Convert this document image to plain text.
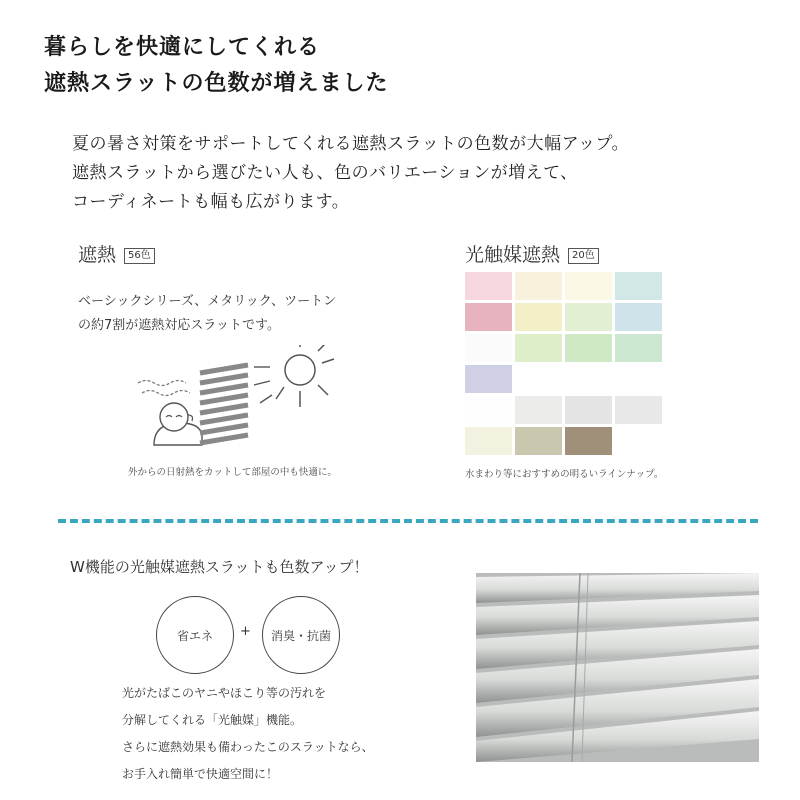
暮らしを快適にしてくれる
遮熱スラットの色数が増えました
夏の暑さ対策をサポートしてくれる遮熱スラットの色数が大幅アップ。
遮熱スラットから選びたい人も、色のバリエーションが増えて、
コーディネートも幅も広がります。
遮熱 56色
ベーシックシリーズ、メタリック、ツートン
の約7割が遮熱対応スラットです。
外からの日射熱をカットして部屋の中も快適に。
光触媒遮熱 20色
水まわり等におすすめの明るいラインナップ。
W機能の光触媒遮熱スラットも色数アップ！
省エネ + 消臭・抗菌
光がたばこのヤニやほこり等の汚れを
分解してくれる「光触媒」機能。
さらに遮熱効果も備わったこのスラットなら、
お手入れ簡単で快適空間に！
